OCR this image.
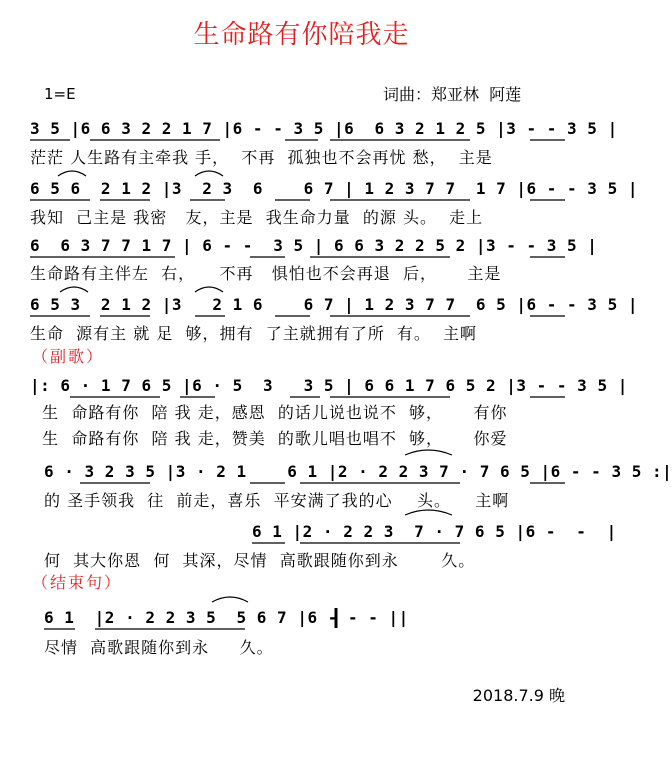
生命路有你陪我走
1=E	词曲：郑亚林  阿莲
3 5 |6 6 3 2 2 1 7 |6 - - 3 5 |6  6 3 2 1 2 5 |3 - - 3 5 |
茫茫 人生路有主牵我 手，  不再  孤独也不会再忧 愁，  主是
6 5 6  2 1 2 |3  2 3  6    6 7 | 1 2 3 7 7  1 7 |6 - - 3 5 |
我知  己主是 我密   友，主是  我生命力量  的源 头。  走上
6  6 3 7 7 1 7 | 6 - -  3 5 | 6 6 3 2 2 5 2 |3 - - 3 5 |
生命路有主伴左  右，    不再   惧怕也不会再退  后，     主是
6 5 3  2 1 2 |3   2 1 6    6 7 | 1 2 3 7 7  6 5 |6 - - 3 5 |
生命  源有主 就 足  够，拥有  了主就拥有了所  有。  主啊
（副歌）
|: 6 · 1 7 6 5 |6 · 5  3   3 5 | 6 6 1 7 6 5 2 |3 - - 3 5 |
生  命路有你  陪 我 走，感恩  的话儿说也说不  够，     有你
生  命路有你  陪 我 走，赞美  的歌儿唱也唱不  够，     你爱
6 · 3 2 3 5 |3 · 2 1    6 1 |2 · 2 2 3 7 · 7 6 5 |6 - - 3 5 :|
的 圣手领我  往  前走，喜乐  平安满了我的心    头。    主啊
6 1 |2 · 2 2 3  7 · 7 6 5 |6 -  -  |
何  其大你恩  何  其深，尽情  高歌跟随你到永       久。
（结束句）
6 1  |2 · 2 2 3 5  5 6 7 |6 - - - ||
尽情  高歌跟随你到永     久。
2018.7.9 晚
